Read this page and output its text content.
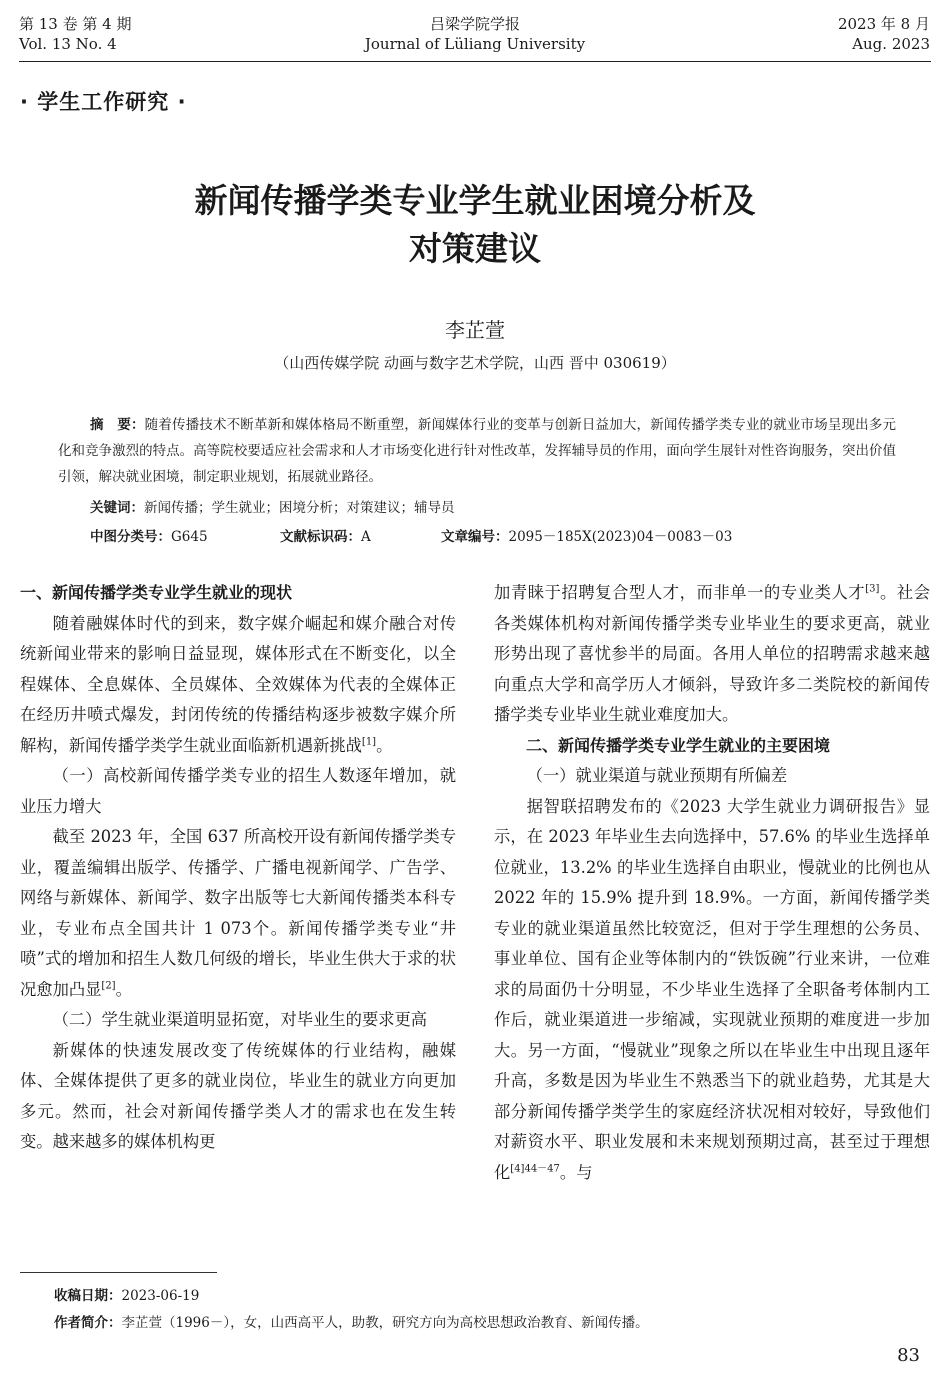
第 13 卷 第 4 期
Vol. 13 No. 4
吕梁学院学报
Journal of Lüliang University
2023 年 8 月
Aug. 2023
· 学生工作研究 ·
新闻传播学类专业学生就业困境分析及
对策建议
李芷萱
（山西传媒学院 动画与数字艺术学院，山西 晋中 030619）
摘　要：随着传播技术不断革新和媒体格局不断重塑，新闻媒体行业的变革与创新日益加大，新闻传播学类专业的就业市场呈现出多元化和竞争激烈的特点。高等院校要适应社会需求和人才市场变化进行针对性改革，发挥辅导员的作用，面向学生展针对性咨询服务，突出价值引领，解决就业困境，制定职业规划，拓展就业路径。
关键词：新闻传播；学生就业；困境分析；对策建议；辅导员
中图分类号：G645	文献标识码：A	文章编号：2095－185X(2023)04－0083－03

一、新闻传播学类专业学生就业的现状

随着融媒体时代的到来，数字媒介崛起和媒介融合对传统新闻业带来的影响日益显现，媒体形式在不断变化，以全程媒体、全息媒体、全员媒体、全效媒体为代表的全媒体正在经历井喷式爆发，封闭传统的传播结构逐步被数字媒介所解构，新闻传播学类学生就业面临新机遇新挑战[1]。

（一）高校新闻传播学类专业的招生人数逐年增加，就业压力增大

截至 2023 年，全国 637 所高校开设有新闻传播学类专业，覆盖编辑出版学、传播学、广播电视新闻学、广告学、网络与新媒体、新闻学、数字出版等七大新闻传播类本科专业，专业布点全国共计 1 073个。新闻传播学类专业“井喷”式的增加和招生人数几何级的增长，毕业生供大于求的状况愈加凸显[2]。

（二）学生就业渠道明显拓宽，对毕业生的要求更高

新媒体的快速发展改变了传统媒体的行业结构，融媒体、全媒体提供了更多的就业岗位，毕业生的就业方向更加多元。然而，社会对新闻传播学类人才的需求也在发生转变。越来越多的媒体机构更

加青睐于招聘复合型人才，而非单一的专业类人才[3]。社会各类媒体机构对新闻传播学类专业毕业生的要求更高，就业形势出现了喜忧参半的局面。各用人单位的招聘需求越来越向重点大学和高学历人才倾斜，导致许多二类院校的新闻传播学类专业毕业生就业难度加大。

二、新闻传播学类专业学生就业的主要困境

（一）就业渠道与就业预期有所偏差

据智联招聘发布的《2023 大学生就业力调研报告》显示，在 2023 年毕业生去向选择中，57.6% 的毕业生选择单位就业，13.2% 的毕业生选择自由职业，慢就业的比例也从 2022 年的 15.9% 提升到 18.9%。一方面，新闻传播学类专业的就业渠道虽然比较宽泛，但对于学生理想的公务员、事业单位、国有企业等体制内的“铁饭碗”行业来讲，一位难求的局面仍十分明显，不少毕业生选择了全职备考体制内工作后，就业渠道进一步缩减，实现就业预期的难度进一步加大。另一方面，“慢就业”现象之所以在毕业生中出现且逐年升高，多数是因为毕业生不熟悉当下的就业趋势，尤其是大部分新闻传播学类学生的家庭经济状况相对较好，导致他们对薪资水平、职业发展和未来规划预期过高，甚至过于理想化$^{[4]44-47}$。与

收稿日期：2023-06-19
作者简介：李芷萱（1996－），女，山西高平人，助教，研究方向为高校思想政治教育、新闻传播。
83
